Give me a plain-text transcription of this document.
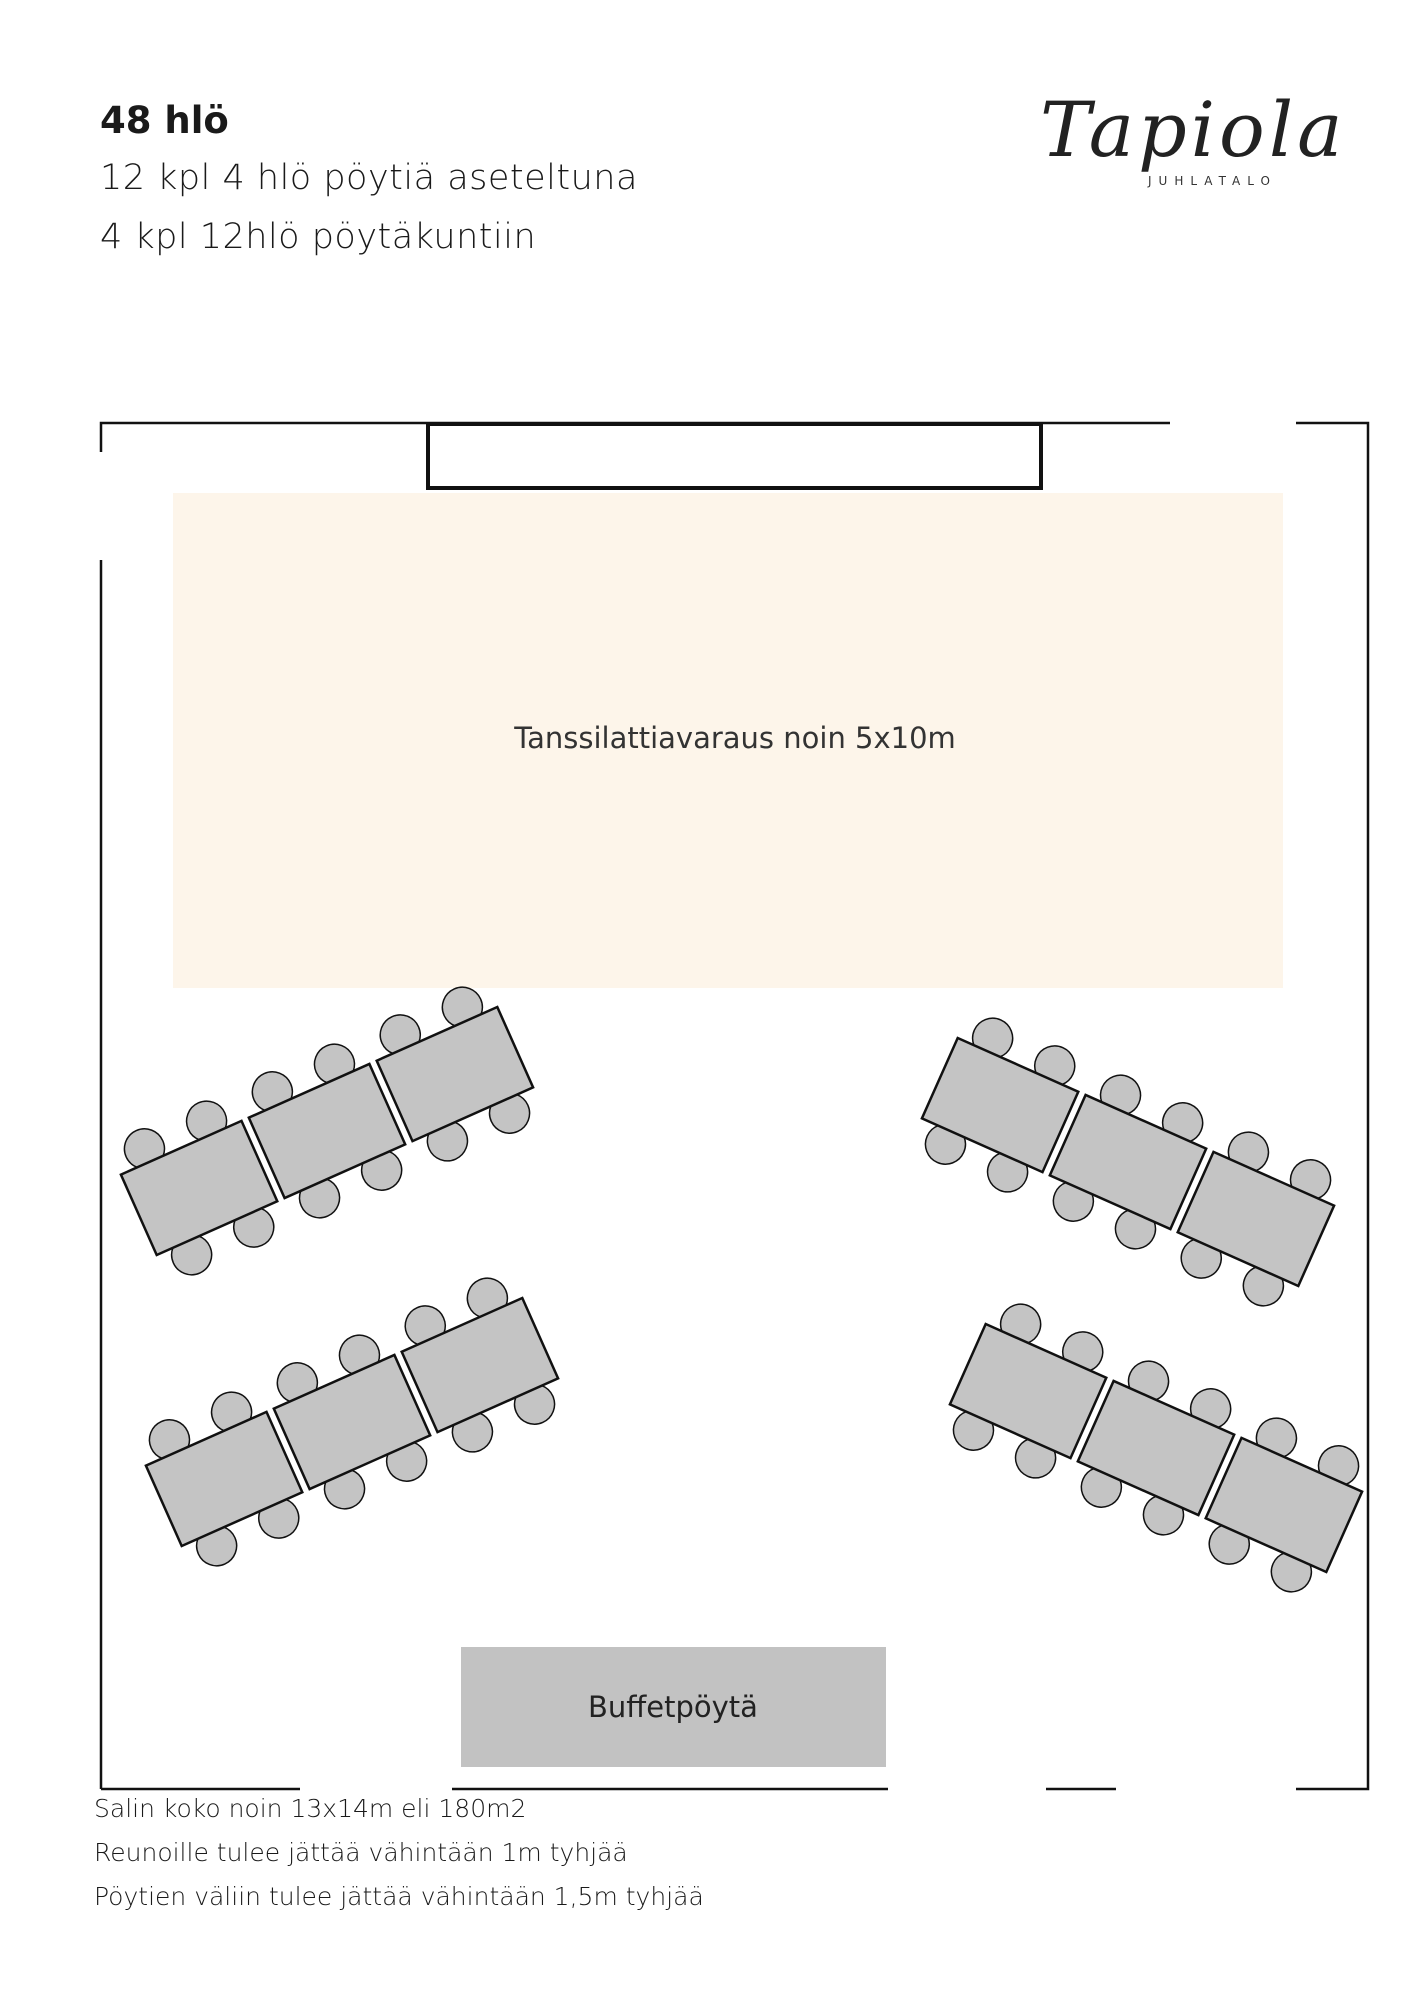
48 hlö
12 kpl 4 hlö pöytiä aseteltuna
4 kpl 12hlö pöytäkuntiin
Tapiola
JUHLATALO
Tanssilattiavaraus noin 5x10m
Buffetpöytä
Salin koko noin 13x14m eli 180m2
Reunoille tulee jättää vähintään 1m tyhjää
Pöytien väliin tulee jättää vähintään 1,5m tyhjää
